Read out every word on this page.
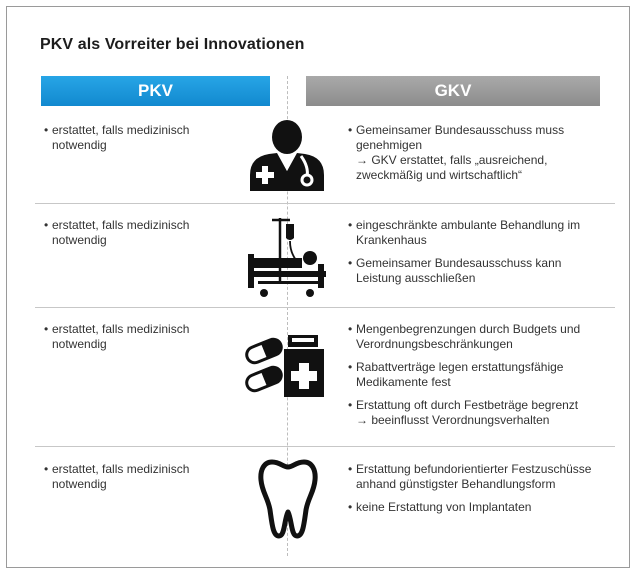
PKV als Vorreiter bei Innovationen
PKV	GKV
• erstattet, falls medizinisch notwendig
• Gemeinsamer Bundesausschuss muss genehmigen
→ GKV erstattet, falls „ausreichend, zweckmäßig und wirtschaftlich“
• erstattet, falls medizinisch notwendig
• eingeschränkte ambulante Behandlung im Krankenhaus
• Gemeinsamer Bundesausschuss kann Leistung ausschließen
• erstattet, falls medizinisch notwendig
• Mengenbegrenzungen durch Budgets und Verordnungsbeschränkungen
• Rabattverträge legen erstattungsfähige Medikamente fest
• Erstattung oft durch Festbeträge begrenzt
→ beeinflusst Verordnungsverhalten
• erstattet, falls medizinisch notwendig
• Erstattung befundorientierter Festzuschüsse anhand günstigster Behandlungsform
• keine Erstattung von Implantaten
